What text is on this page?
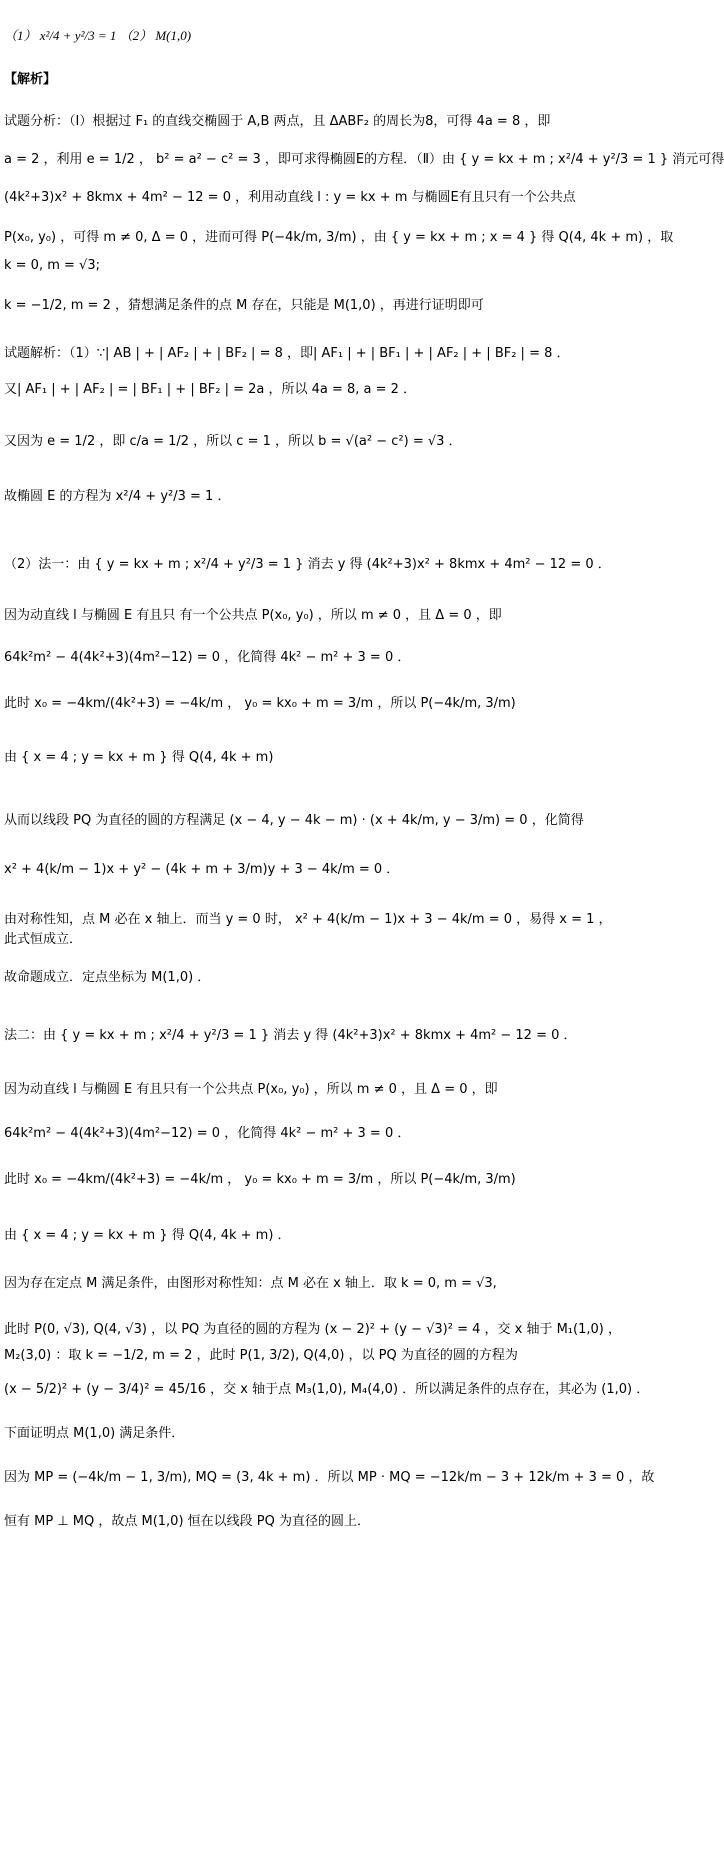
（1） x²/4 + y²/3 = 1 （2） M(1,0)
【解析】
试题分析：（Ⅰ）根据过 F₁ 的直线交椭圆于 A,B 两点，且 ΔABF₂ 的周长为8，可得 4a = 8 ，即
a = 2 ，利用 e = 1/2 ， b² = a² − c² = 3 ，即可求得椭圆E的方程．（Ⅱ）由 { y = kx + m ; x²/4 + y²/3 = 1 } 消元可得
(4k²+3)x² + 8kmx + 4m² − 12 = 0 ，利用动直线 l : y = kx + m 与椭圆E有且只有一个公共点
P(x₀, y₀) ，可得 m ≠ 0, Δ = 0 ，进而可得 P(−4k/m, 3/m) ，由 { y = kx + m ; x = 4 } 得 Q(4, 4k + m) ，取
k = 0, m = √3;
k = −1/2, m = 2 ，猜想满足条件的点 M 存在，只能是 M(1,0) ，再进行证明即可
试题解析：（1）∵| AB | + | AF₂ | + | BF₂ | = 8 ，即| AF₁ | + | BF₁ | + | AF₂ | + | BF₂ | = 8 ．
又| AF₁ | + | AF₂ | = | BF₁ | + | BF₂ | = 2a ，所以 4a = 8, a = 2 ．
又因为 e = 1/2 ，即 c/a = 1/2 ，所以 c = 1 ，所以 b = √(a² − c²) = √3 ．
故椭圆 E 的方程为 x²/4 + y²/3 = 1 ．
（2）法一：由 { y = kx + m ; x²/4 + y²/3 = 1 } 消去 y 得 (4k²+3)x² + 8kmx + 4m² − 12 = 0 ．
因为动直线 l 与椭圆 E 有且只 有一个公共点 P(x₀, y₀) ，所以 m ≠ 0 ，且 Δ = 0 ，即
64k²m² − 4(4k²+3)(4m²−12) = 0 ，化简得 4k² − m² + 3 = 0 ．
此时 x₀ = −4km/(4k²+3) = −4k/m ， y₀ = kx₀ + m = 3/m ，所以 P(−4k/m, 3/m)
由 { x = 4 ; y = kx + m } 得 Q(4, 4k + m)
从而以线段 PQ 为直径的圆的方程满足 (x − 4, y − 4k − m) · (x + 4k/m, y − 3/m) = 0 ，化简得
x² + 4(k/m − 1)x + y² − (4k + m + 3/m)y + 3 − 4k/m = 0 ．
由对称性知，点 M 必在 x 轴上．而当 y = 0 时， x² + 4(k/m − 1)x + 3 − 4k/m = 0 ，易得 x = 1 ，此式恒成立．
故命题成立．定点坐标为 M(1,0) ．
法二：由 { y = kx + m ; x²/4 + y²/3 = 1 } 消去 y 得 (4k²+3)x² + 8kmx + 4m² − 12 = 0 ．
因为动直线 l 与椭圆 E 有且只有一个公共点 P(x₀, y₀) ，所以 m ≠ 0 ，且 Δ = 0 ，即
64k²m² − 4(4k²+3)(4m²−12) = 0 ，化简得 4k² − m² + 3 = 0 ．
此时 x₀ = −4km/(4k²+3) = −4k/m ， y₀ = kx₀ + m = 3/m ，所以 P(−4k/m, 3/m)
由 { x = 4 ; y = kx + m } 得 Q(4, 4k + m) ．
因为存在定点 M 满足条件，由图形对称性知：点 M 必在 x 轴上．取 k = 0, m = √3,
此时 P(0, √3), Q(4, √3) ，以 PQ 为直径的圆的方程为 (x − 2)² + (y − √3)² = 4 ，交 x 轴于 M₁(1,0) ，
M₂(3,0) ：取 k = −1/2, m = 2 ，此时 P(1, 3/2), Q(4,0) ，以 PQ 为直径的圆的方程为
(x − 5/2)² + (y − 3/4)² = 45/16 ，交 x 轴于点 M₃(1,0), M₄(4,0) ．所以满足条件的点存在，其必为 (1,0) ．
下面证明点 M(1,0) 满足条件．
因为 MP = (−4k/m − 1, 3/m), MQ = (3, 4k + m) ．所以 MP · MQ = −12k/m − 3 + 12k/m + 3 = 0 ，故
恒有 MP ⊥ MQ ，故点 M(1,0) 恒在以线段 PQ 为直径的圆上．
